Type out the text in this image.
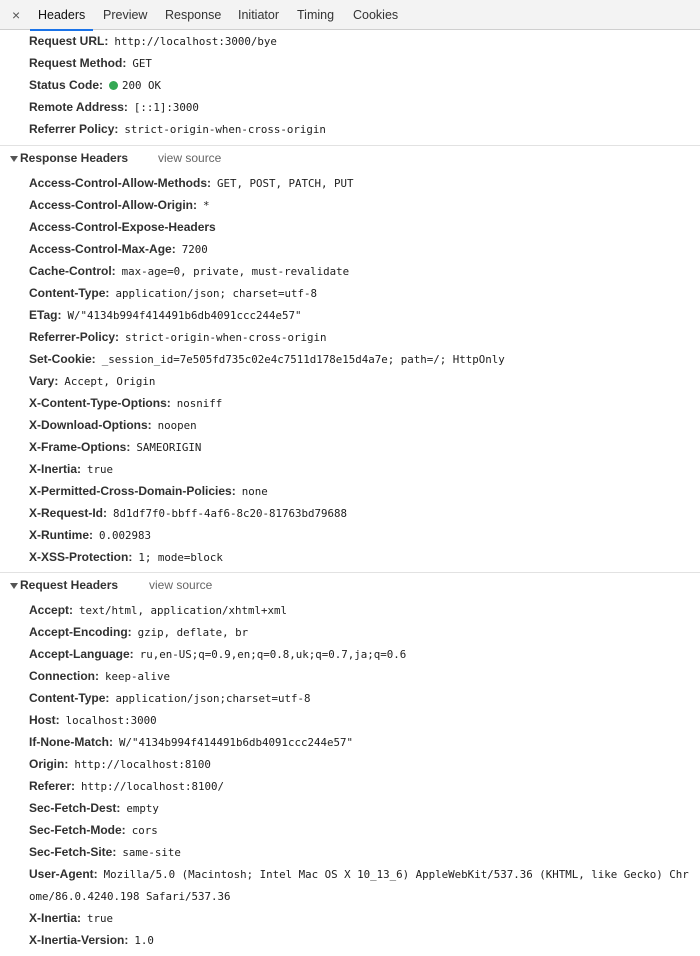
× Headers Preview Response Initiator Timing Cookies
Request URL: http://localhost:3000/bye
Request Method: GET
Status Code: 200 OK
Remote Address: [::1]:3000
Referrer Policy: strict-origin-when-cross-origin
Response Headers view source
Access-Control-Allow-Methods: GET, POST, PATCH, PUT
Access-Control-Allow-Origin: *
Access-Control-Expose-Headers
Access-Control-Max-Age: 7200
Cache-Control: max-age=0, private, must-revalidate
Content-Type: application/json; charset=utf-8
ETag: W/"4134b994f414491b6db4091ccc244e57"
Referrer-Policy: strict-origin-when-cross-origin
Set-Cookie: _session_id=7e505fd735c02e4c7511d178e15d4a7e; path=/; HttpOnly
Vary: Accept, Origin
X-Content-Type-Options: nosniff
X-Download-Options: noopen
X-Frame-Options: SAMEORIGIN
X-Inertia: true
X-Permitted-Cross-Domain-Policies: none
X-Request-Id: 8d1df7f0-bbff-4af6-8c20-81763bd79688
X-Runtime: 0.002983
X-XSS-Protection: 1; mode=block
Request Headers	view source
Accept: text/html, application/xhtml+xml
Accept-Encoding: gzip, deflate, br
Accept-Language: ru,en-US;q=0.9,en;q=0.8,uk;q=0.7,ja;q=0.6
Connection: keep-alive
Content-Type: application/json;charset=utf-8
Host: localhost:3000
If-None-Match: W/"4134b994f414491b6db4091ccc244e57"
Origin: http://localhost:8100
Referer: http://localhost:8100/
Sec-Fetch-Dest: empty
Sec-Fetch-Mode: cors
Sec-Fetch-Site: same-site
User-Agent: Mozilla/5.0 (Macintosh; Intel Mac OS X 10_13_6) AppleWebKit/537.36 (KHTML, like Gecko) Chr
ome/86.0.4240.198 Safari/537.36
X-Inertia: true
X-Inertia-Version: 1.0
